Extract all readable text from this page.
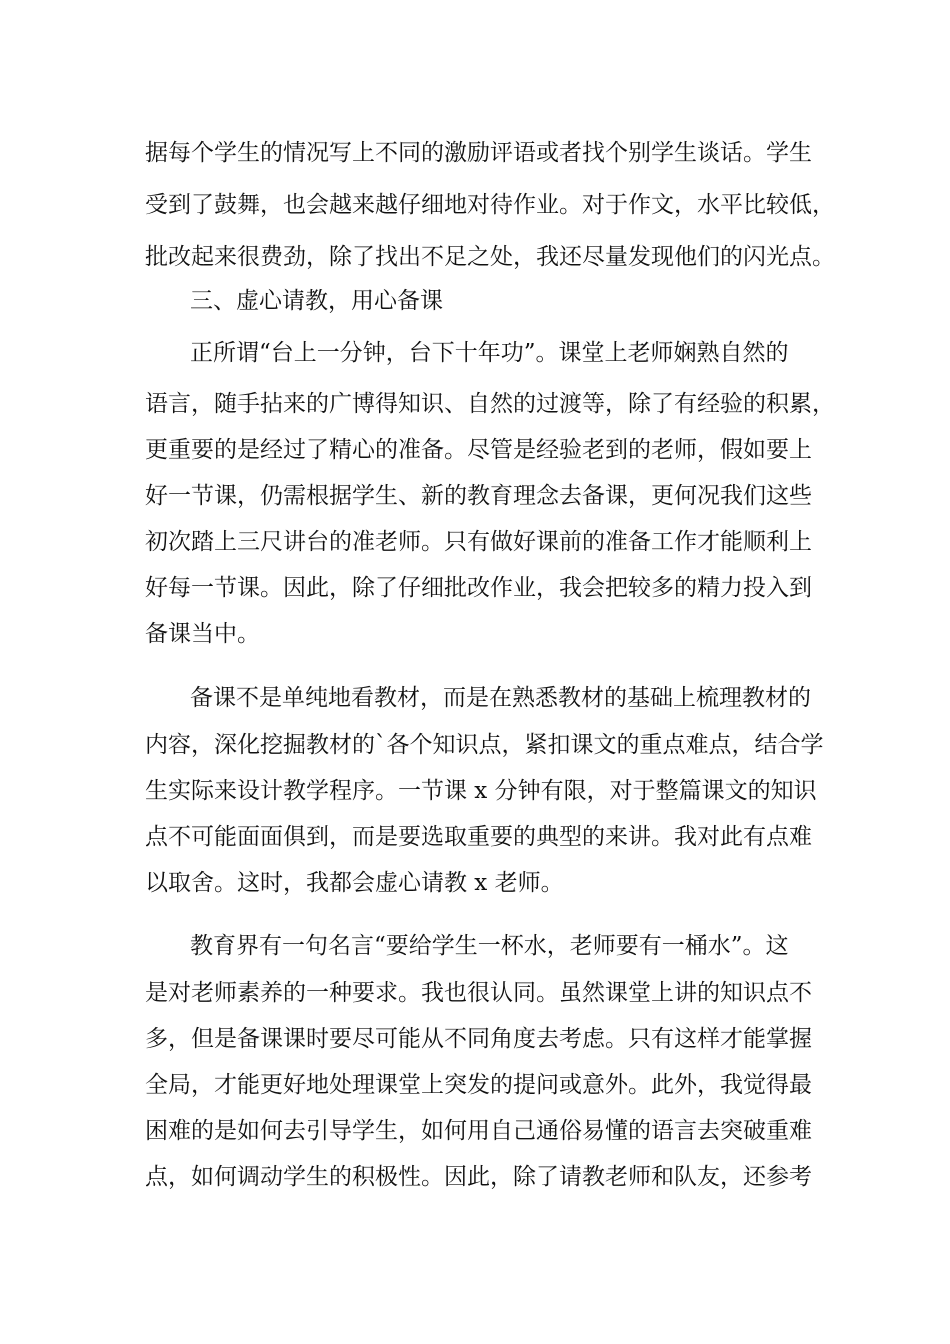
据每个学生的情况写上不同的激励评语或者找个别学生谈话。学生
受到了鼓舞，也会越来越仔细地对待作业。对于作文，水平比较低，
批改起来很费劲，除了找出不足之处，我还尽量发现他们的闪光点。
三、虚心请教，用心备课
正所谓“台上一分钟，台下十年功”。课堂上老师娴熟自然的
语言，随手拈来的广博得知识、自然的过渡等，除了有经验的积累，
更重要的是经过了精心的准备。尽管是经验老到的老师，假如要上
好一节课，仍需根据学生、新的教育理念去备课，更何况我们这些
初次踏上三尺讲台的准老师。只有做好课前的准备工作才能顺利上
好每一节课。因此，除了仔细批改作业，我会把较多的精力投入到
备课当中。
备课不是单纯地看教材，而是在熟悉教材的基础上梳理教材的
内容，深化挖掘教材的`各个知识点，紧扣课文的重点难点，结合学
生实际来设计教学程序。一节课 x 分钟有限，对于整篇课文的知识
点不可能面面俱到，而是要选取重要的典型的来讲。我对此有点难
以取舍。这时，我都会虚心请教 x 老师。
教育界有一句名言“要给学生一杯水，老师要有一桶水”。这
是对老师素养的一种要求。我也很认同。虽然课堂上讲的知识点不
多，但是备课课时要尽可能从不同角度去考虑。只有这样才能掌握
全局，才能更好地处理课堂上突发的提问或意外。此外，我觉得最
困难的是如何去引导学生，如何用自己通俗易懂的语言去突破重难
点，如何调动学生的积极性。因此，除了请教老师和队友，还参考
